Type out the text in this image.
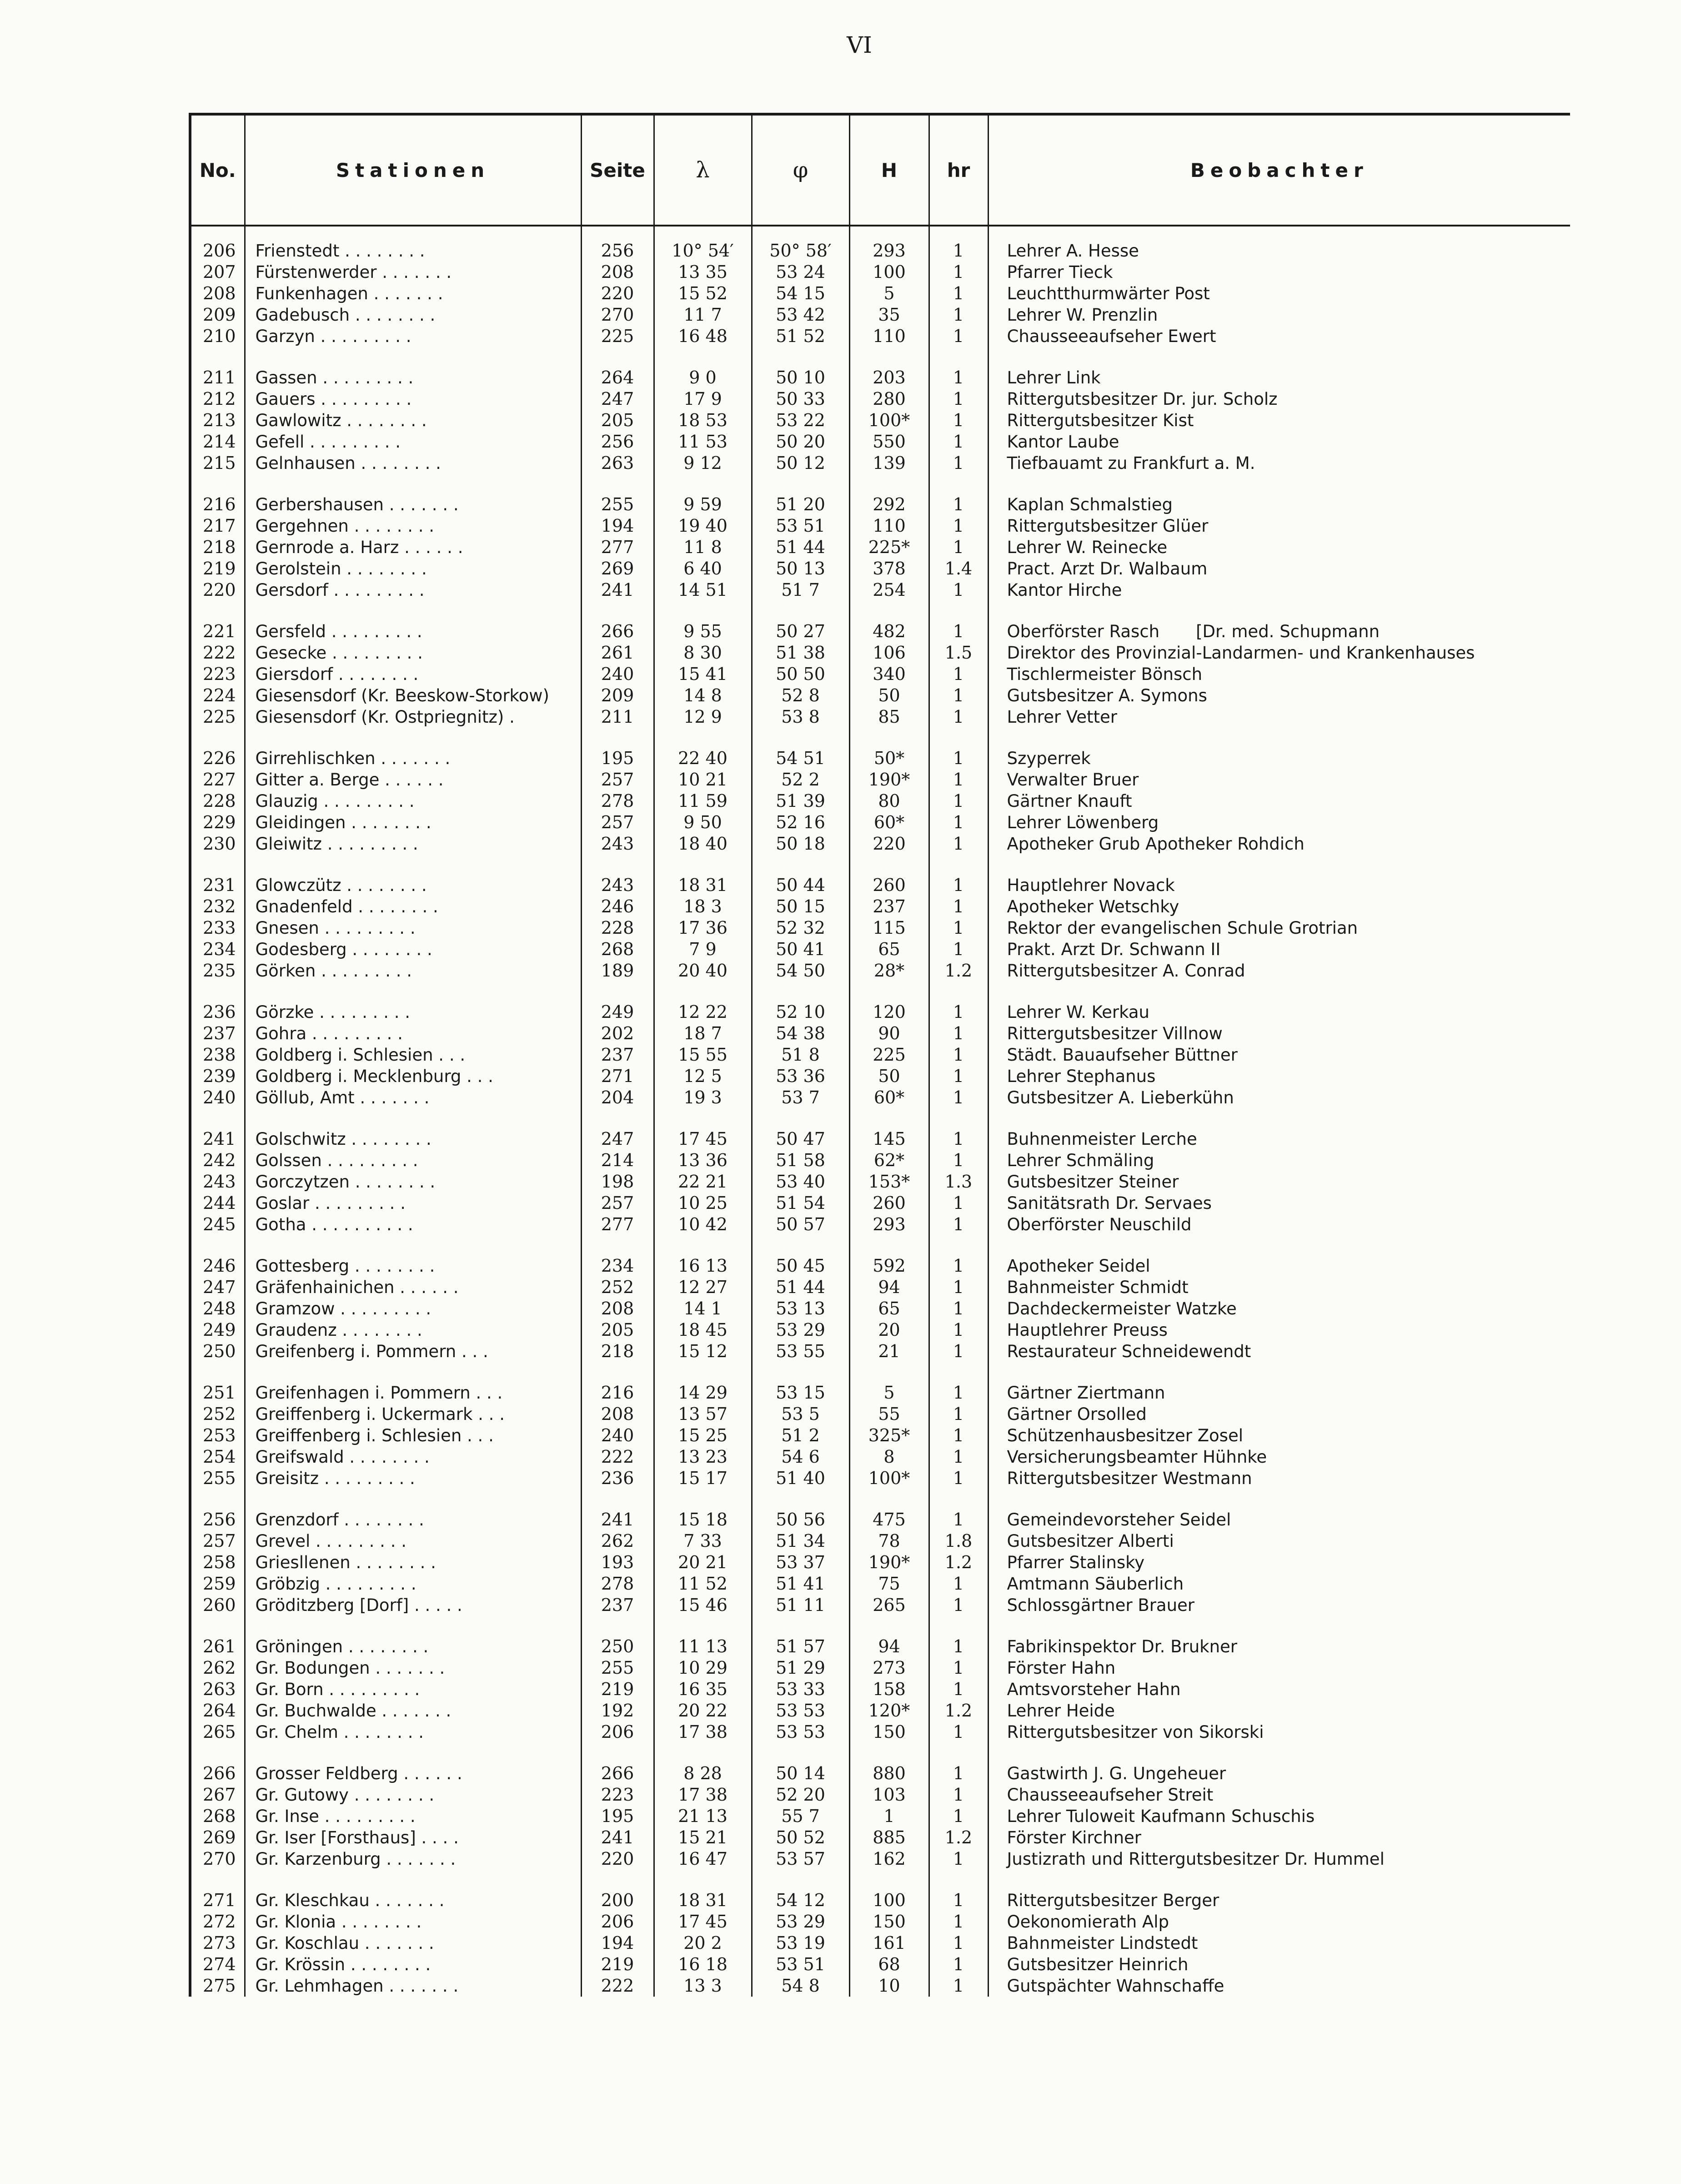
VI
No.	Stationen	Seite	λ	φ	H	hr	Beobachter
206	Frienstedt . . . . . . . .	256	10° 54′	50° 58′	293	1	Lehrer A. Hesse
207	Fürstenwerder . . . . . . .	208	13 35	53 24	100	1	Pfarrer Tieck
208	Funkenhagen . . . . . . .	220	15 52	54 15	5	1	Leuchtthurmwärter Post
209	Gadebusch . . . . . . . .	270	11 7	53 42	35	1	Lehrer W. Prenzlin
210	Garzyn . . . . . . . . .	225	16 48	51 52	110	1	Chausseeaufseher Ewert
211	Gassen . . . . . . . . .	264	9 0	50 10	203	1	Lehrer Link
212	Gauers . . . . . . . . .	247	17 9	50 33	280	1	Rittergutsbesitzer Dr. jur. Scholz
213	Gawlowitz . . . . . . . .	205	18 53	53 22	100*	1	Rittergutsbesitzer Kist
214	Gefell . . . . . . . . .	256	11 53	50 20	550	1	Kantor Laube
215	Gelnhausen . . . . . . . .	263	9 12	50 12	139	1	Tiefbauamt zu Frankfurt a. M.
216	Gerbershausen . . . . . . .	255	9 59	51 20	292	1	Kaplan Schmalstieg
217	Gergehnen . . . . . . . .	194	19 40	53 51	110	1	Rittergutsbesitzer Glüer
218	Gernrode a. Harz . . . . . .	277	11 8	51 44	225*	1	Lehrer W. Reinecke
219	Gerolstein . . . . . . . .	269	6 40	50 13	378	1.4	Pract. Arzt Dr. Walbaum
220	Gersdorf . . . . . . . . .	241	14 51	51 7	254	1	Kantor Hirche
221	Gersfeld . . . . . . . . .	266	9 55	50 27	482	1	Oberförster Rasch [Dr. med. Schupmann
222	Gesecke . . . . . . . . .	261	8 30	51 38	106	1.5	Direktor des Provinzial-Landarmen- und Krankenhauses
223	Giersdorf . . . . . . . .	240	15 41	50 50	340	1	Tischlermeister Bönsch
224	Giesensdorf (Kr. Beeskow-Storkow)	209	14 8	52 8	50	1	Gutsbesitzer A. Symons
225	Giesensdorf (Kr. Ostpriegnitz) .	211	12 9	53 8	85	1	Lehrer Vetter
226	Girrehlischken . . . . . . .	195	22 40	54 51	50*	1	Szyperrek
227	Gitter a. Berge . . . . . .	257	10 21	52 2	190*	1	Verwalter Bruer
228	Glauzig . . . . . . . . .	278	11 59	51 39	80	1	Gärtner Knauft
229	Gleidingen . . . . . . . .	257	9 50	52 16	60*	1	Lehrer Löwenberg
230	Gleiwitz . . . . . . . . .	243	18 40	50 18	220	1	Apotheker Grub Apotheker Rohdich
231	Glowczütz . . . . . . . .	243	18 31	50 44	260	1	Hauptlehrer Novack
232	Gnadenfeld . . . . . . . .	246	18 3	50 15	237	1	Apotheker Wetschky
233	Gnesen . . . . . . . . .	228	17 36	52 32	115	1	Rektor der evangelischen Schule Grotrian
234	Godesberg . . . . . . . .	268	7 9	50 41	65	1	Prakt. Arzt Dr. Schwann II
235	Görken . . . . . . . . .	189	20 40	54 50	28*	1.2	Rittergutsbesitzer A. Conrad
236	Görzke . . . . . . . . .	249	12 22	52 10	120	1	Lehrer W. Kerkau
237	Gohra . . . . . . . . .	202	18 7	54 38	90	1	Rittergutsbesitzer Villnow
238	Goldberg i. Schlesien . . .	237	15 55	51 8	225	1	Städt. Bauaufseher Büttner
239	Goldberg i. Mecklenburg . . .	271	12 5	53 36	50	1	Lehrer Stephanus
240	Göllub, Amt . . . . . . .	204	19 3	53 7	60*	1	Gutsbesitzer A. Lieberkühn
241	Golschwitz . . . . . . . .	247	17 45	50 47	145	1	Buhnenmeister Lerche
242	Golssen . . . . . . . . .	214	13 36	51 58	62*	1	Lehrer Schmäling
243	Gorczytzen . . . . . . . .	198	22 21	53 40	153*	1.3	Gutsbesitzer Steiner
244	Goslar . . . . . . . . .	257	10 25	51 54	260	1	Sanitätsrath Dr. Servaes
245	Gotha . . . . . . . . . .	277	10 42	50 57	293	1	Oberförster Neuschild
246	Gottesberg . . . . . . . .	234	16 13	50 45	592	1	Apotheker Seidel
247	Gräfenhainichen . . . . . .	252	12 27	51 44	94	1	Bahnmeister Schmidt
248	Gramzow . . . . . . . . .	208	14 1	53 13	65	1	Dachdeckermeister Watzke
249	Graudenz . . . . . . . .	205	18 45	53 29	20	1	Hauptlehrer Preuss
250	Greifenberg i. Pommern . . .	218	15 12	53 55	21	1	Restaurateur Schneidewendt
251	Greifenhagen i. Pommern . . .	216	14 29	53 15	5	1	Gärtner Ziertmann
252	Greiffenberg i. Uckermark . . .	208	13 57	53 5	55	1	Gärtner Orsolled
253	Greiffenberg i. Schlesien . . .	240	15 25	51 2	325*	1	Schützenhausbesitzer Zosel
254	Greifswald . . . . . . . .	222	13 23	54 6	8	1	Versicherungsbeamter Hühnke
255	Greisitz . . . . . . . . .	236	15 17	51 40	100*	1	Rittergutsbesitzer Westmann
256	Grenzdorf . . . . . . . .	241	15 18	50 56	475	1	Gemeindevorsteher Seidel
257	Grevel . . . . . . . . .	262	7 33	51 34	78	1.8	Gutsbesitzer Alberti
258	Griesllenen . . . . . . . .	193	20 21	53 37	190*	1.2	Pfarrer Stalinsky
259	Gröbzig . . . . . . . . .	278	11 52	51 41	75	1	Amtmann Säuberlich
260	Gröditzberg [Dorf] . . . . .	237	15 46	51 11	265	1	Schlossgärtner Brauer
261	Gröningen . . . . . . . .	250	11 13	51 57	94	1	Fabrikinspektor Dr. Brukner
262	Gr. Bodungen . . . . . . .	255	10 29	51 29	273	1	Förster Hahn
263	Gr. Born . . . . . . . . .	219	16 35	53 33	158	1	Amtsvorsteher Hahn
264	Gr. Buchwalde . . . . . . .	192	20 22	53 53	120*	1.2	Lehrer Heide
265	Gr. Chelm . . . . . . . .	206	17 38	53 53	150	1	Rittergutsbesitzer von Sikorski
266	Grosser Feldberg . . . . . .	266	8 28	50 14	880	1	Gastwirth J. G. Ungeheuer
267	Gr. Gutowy . . . . . . . .	223	17 38	52 20	103	1	Chausseeaufseher Streit
268	Gr. Inse . . . . . . . . .	195	21 13	55 7	1	1	Lehrer Tuloweit Kaufmann Schuschis
269	Gr. Iser [Forsthaus] . . . .	241	15 21	50 52	885	1.2	Förster Kirchner
270	Gr. Karzenburg . . . . . . .	220	16 47	53 57	162	1	Justizrath und Rittergutsbesitzer Dr. Hummel
271	Gr. Kleschkau . . . . . . .	200	18 31	54 12	100	1	Rittergutsbesitzer Berger
272	Gr. Klonia . . . . . . . .	206	17 45	53 29	150	1	Oekonomierath Alp
273	Gr. Koschlau . . . . . . .	194	20 2	53 19	161	1	Bahnmeister Lindstedt
274	Gr. Krössin . . . . . . . .	219	16 18	53 51	68	1	Gutsbesitzer Heinrich
275	Gr. Lehmhagen . . . . . . .	222	13 3	54 8	10	1	Gutspächter Wahnschaffe
